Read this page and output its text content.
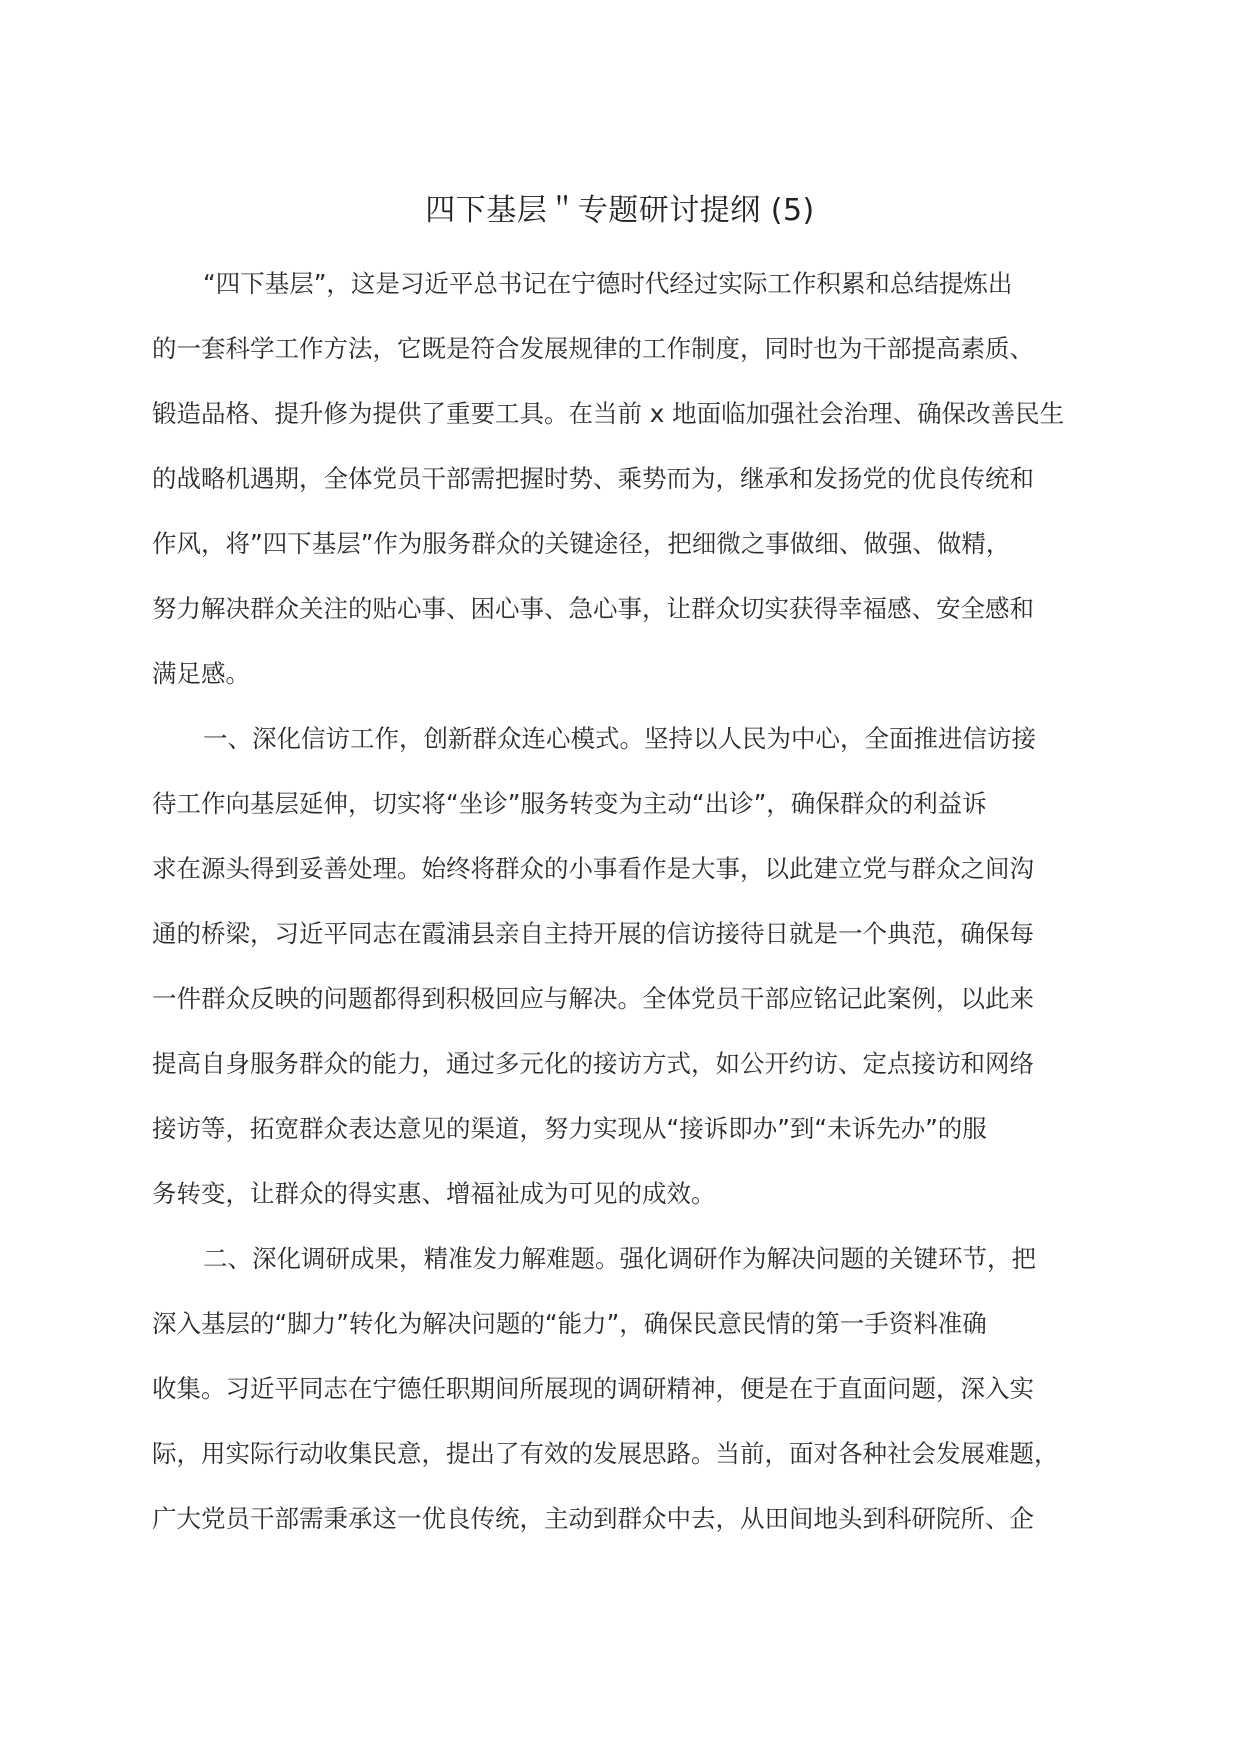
四下基层＂专题研讨提纲 (5)
“四下基层”，这是习近平总书记在宁德时代经过实际工作积累和总结提炼出
的一套科学工作方法，它既是符合发展规律的工作制度，同时也为干部提高素质、
锻造品格、提升修为提供了重要工具。在当前 x 地面临加强社会治理、确保改善民生
的战略机遇期，全体党员干部需把握时势、乘势而为，继承和发扬党的优良传统和
作风，将”四下基层”作为服务群众的关键途径，把细微之事做细、做强、做精，
努力解决群众关注的贴心事、困心事、急心事，让群众切实获得幸福感、安全感和
满足感。
一、深化信访工作，创新群众连心模式。坚持以人民为中心，全面推进信访接
待工作向基层延伸，切实将“坐诊”服务转变为主动“出诊”，确保群众的利益诉
求在源头得到妥善处理。始终将群众的小事看作是大事，以此建立党与群众之间沟
通的桥梁，习近平同志在霞浦县亲自主持开展的信访接待日就是一个典范，确保每
一件群众反映的问题都得到积极回应与解决。全体党员干部应铭记此案例，以此来
提高自身服务群众的能力，通过多元化的接访方式，如公开约访、定点接访和网络
接访等，拓宽群众表达意见的渠道，努力实现从“接诉即办”到“未诉先办”的服
务转变，让群众的得实惠、增福祉成为可见的成效。
二、深化调研成果，精准发力解难题。强化调研作为解决问题的关键环节，把
深入基层的“脚力”转化为解决问题的“能力”，确保民意民情的第一手资料准确
收集。习近平同志在宁德任职期间所展现的调研精神，便是在于直面问题，深入实
际，用实际行动收集民意，提出了有效的发展思路。当前，面对各种社会发展难题，
广大党员干部需秉承这一优良传统，主动到群众中去，从田间地头到科研院所、企
